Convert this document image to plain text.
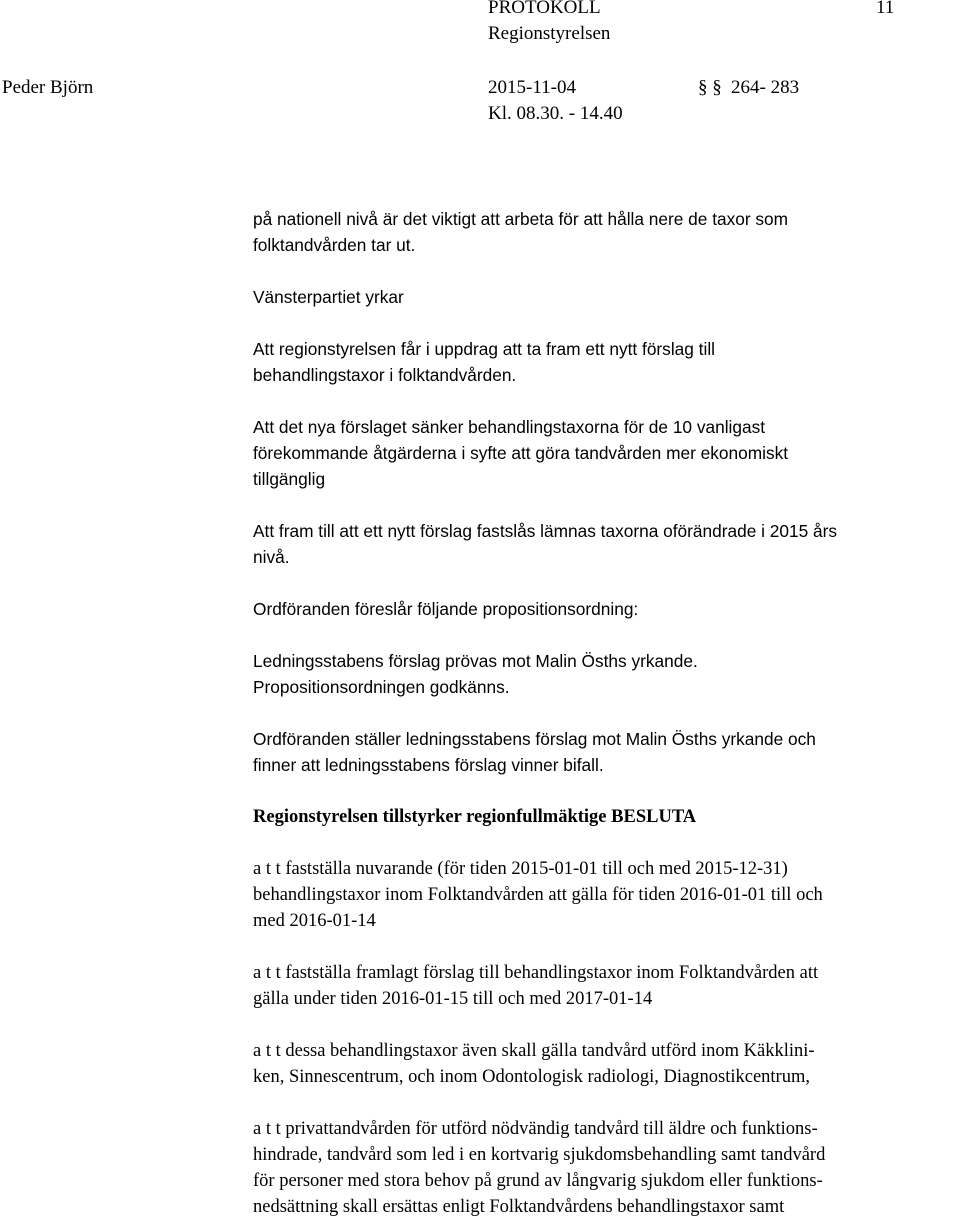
PROTOKOLL	11
Regionstyrelsen
Peder Björn	2015-11-04	§ § 264- 283
Kl. 08.30. - 14.40

på nationell nivå är det viktigt att arbeta för att hålla nere de taxor som

folktandvården tar ut.

Vänsterpartiet yrkar

Att regionstyrelsen får i uppdrag att ta fram ett nytt förslag till

behandlingstaxor i folktandvården.

Att det nya förslaget sänker behandlingstaxorna för de 10 vanligast

förekommande åtgärderna i syfte att göra tandvården mer ekonomiskt

tillgänglig

Att fram till att ett nytt förslag fastslås lämnas taxorna oförändrade i 2015 års

nivå.

Ordföranden föreslår följande propositionsordning:

Ledningsstabens förslag prövas mot Malin Ösths yrkande.

Propositionsordningen godkänns.

Ordföranden ställer ledningsstabens förslag mot Malin Ösths yrkande och

finner att ledningsstabens förslag vinner bifall.

Regionstyrelsen tillstyrker regionfullmäktige BESLUTA

a t t fastställa nuvarande (för tiden 2015-01-01 till och med 2015-12-31)

behandlingstaxor inom Folktandvården att gälla för tiden 2016-01-01 till och

med 2016-01-14

a t t fastställa framlagt förslag till behandlingstaxor inom Folktandvården att

gälla under tiden 2016-01-15 till och med 2017-01-14

a t t dessa behandlingstaxor även skall gälla tandvård utförd inom Käkklini-

ken, Sinnescentrum, och inom Odontologisk radiologi, Diagnostikcentrum,

a t t privattandvården för utförd nödvändig tandvård till äldre och funktions-

hindrade, tandvård som led i en kortvarig sjukdomsbehandling samt tandvård

för personer med stora behov på grund av långvarig sjukdom eller funktions-

nedsättning skall ersättas enligt Folktandvårdens behandlingstaxor samt
